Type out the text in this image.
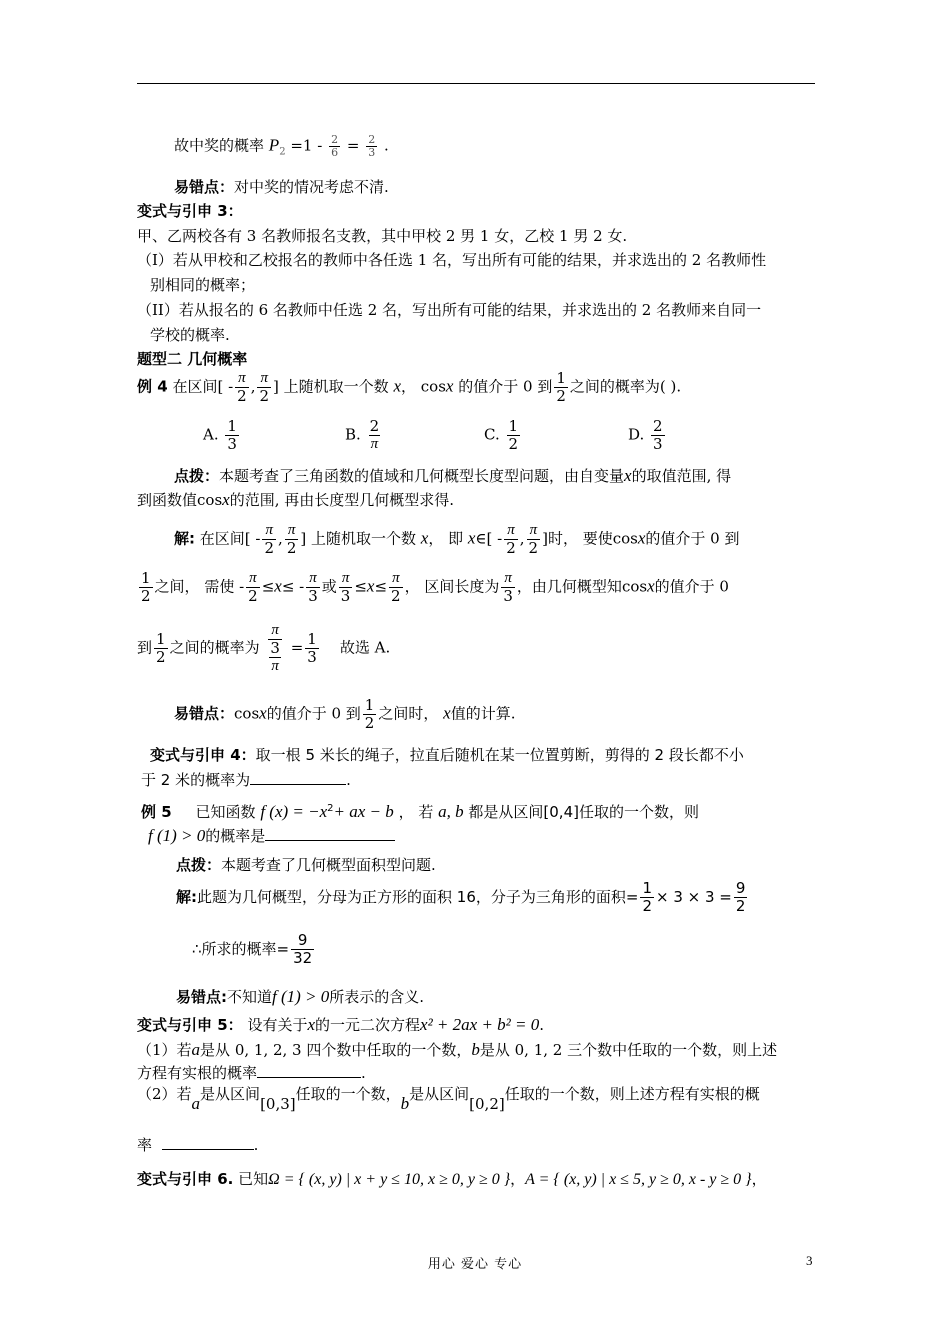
故中奖的概率 $P_2 =1 - \frac{2}{6} = \frac{2}{3}$ .
易错点：对中奖的情况考虑不清.
变式与引申 3：
甲、乙两校各有 3 名教师报名支教，其中甲校 2 男 1 女，乙校 1 男 2 女.
（I）若从甲校和乙校报名的教师中各任选 1 名，写出所有可能的结果，并求选出的 2 名教师性
别相同的概率；
（II）若从报名的 6 名教师中任选 2 名，写出所有可能的结果，并求选出的 2 名教师来自同一
学校的概率.
题型二 几何概率
例 4 在区间[ - $\frac{\pi}{2}$ , $\frac{\pi}{2}$ ] 上随机取一个数 x， cosx 的值介于 0 到 $\frac{1}{2}$ 之间的概率为( ).
A. $\frac{1}{3}$	B. $\frac{2}{\pi}$	C. $\frac{1}{2}$	D. $\frac{2}{3}$
点拨：本题考查了三角函数的值域和几何概型长度型问题，由自变量x的取值范围, 得
到函数值cosx的范围, 再由长度型几何概型求得.
解: 在区间[ - $\frac{\pi}{2}$ , $\frac{\pi}{2}$ ] 上随机取一个数 x， 即 x∈[ - $\frac{\pi}{2}$ , $\frac{\pi}{2}$ ]时， 要使cosx的值介于 0 到
$\frac{1}{2}$ 之间， 需使 - $\frac{\pi}{2} \le x\le - \frac{\pi}{3}$ 或 $\frac{\pi}{3} \le x\le \frac{\pi}{2}$ ， 区间长度为 $\frac{\pi}{3}$ ，由几何概型知cosx的值介于 0
到 $\frac{1}{2}$ 之间的概率为 $\frac{\frac{\pi}{3}}{\pi} = \frac{1}{3}$ 故选 A.
易错点：cosx的值介于 0 到 $\frac{1}{2}$ 之间时， x值的计算.
变式与引申 4：取一根 5 米长的绳子，拉直后随机在某一位置剪断，剪得的 2 段长都不小
于 2 米的概率为	.
例 5 已知函数 f $(x) = -x^2+$ ax − b ， 若 a, b 都是从区间[0,4]任取的一个数，则
f (1) > 0的概率是
点拨：本题考查了几何概型面积型问题.
解:此题为几何概型，分母为正方形的面积 16，分子为三角形的面积= $\frac{1}{2} \times 3 \times 3 = \frac{9}{2}$
∴所求的概率= $\frac{9}{32}$
易错点:不知道f (1) > 0所表示的含义.
变式与引申 5： 设有关于x的一元二次方程x² + 2ax + b² = 0.
（1）若a是从 0, 1, 2, 3 四个数中任取的一个数，b是从 0, 1, 2 三个数中任取的一个数，则上述
方程有实根的概率	.
（2）若a是从区间[0,3]任取的一个数，b是从区间[0,2]任取的一个数，则上述方程有实根的概
率	.
变式与引申 6. 已知Ω = { (x, y) | x + y ≤ 10, x ≥ 0, y ≥ 0 }，A = { (x, y) | x ≤ 5, y ≥ 0, x - y ≥ 0 }，
用心 爱心 专心	3
